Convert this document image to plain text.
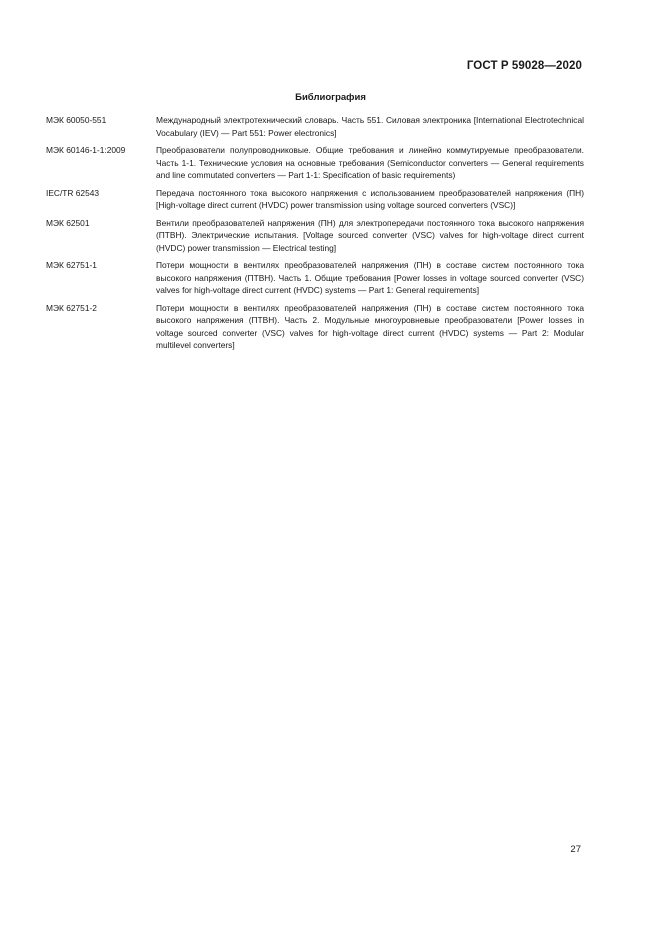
ГОСТ Р 59028—2020
Библиография
МЭК 60050-551	Международный электротехнический словарь. Часть 551. Силовая электроника [International Electrotechnical Vocabulary (IEV) — Part 551: Power electronics]
МЭК 60146-1-1:2009	Преобразователи полупроводниковые. Общие требования и линейно коммутируемые преобразователи. Часть 1-1. Технические условия на основные требования (Semiconductor converters — General requirements and line commutated converters — Part 1-1: Specification of basic requirements)
IEC/TR 62543	Передача постоянного тока высокого напряжения с использованием преобразователей напряжения (ПН) [High-voltage direct current (HVDC) power transmission using voltage sourced converters (VSC)]
МЭК 62501	Вентили преобразователей напряжения (ПН) для электропередачи постоянного тока высокого напряжения (ПТВН). Электрические испытания. [Voltage sourced converter (VSC) valves for high-voltage direct current (HVDC) power transmission — Electrical testing]
МЭК 62751-1	Потери мощности в вентилях преобразователей напряжения (ПН) в составе систем постоянного тока высокого напряжения (ПТВН). Часть 1. Общие требования [Power losses in voltage sourced converter (VSC) valves for high-voltage direct current (HVDC) systems — Part 1: General requirements]
МЭК 62751-2	Потери мощности в вентилях преобразователей напряжения (ПН) в составе систем постоянного тока высокого напряжения (ПТВН). Часть 2. Модульные многоуровневые преобразователи [Power losses in voltage sourced converter (VSC) valves for high-voltage direct current (HVDC) systems — Part 2: Modular multilevel converters]
27
